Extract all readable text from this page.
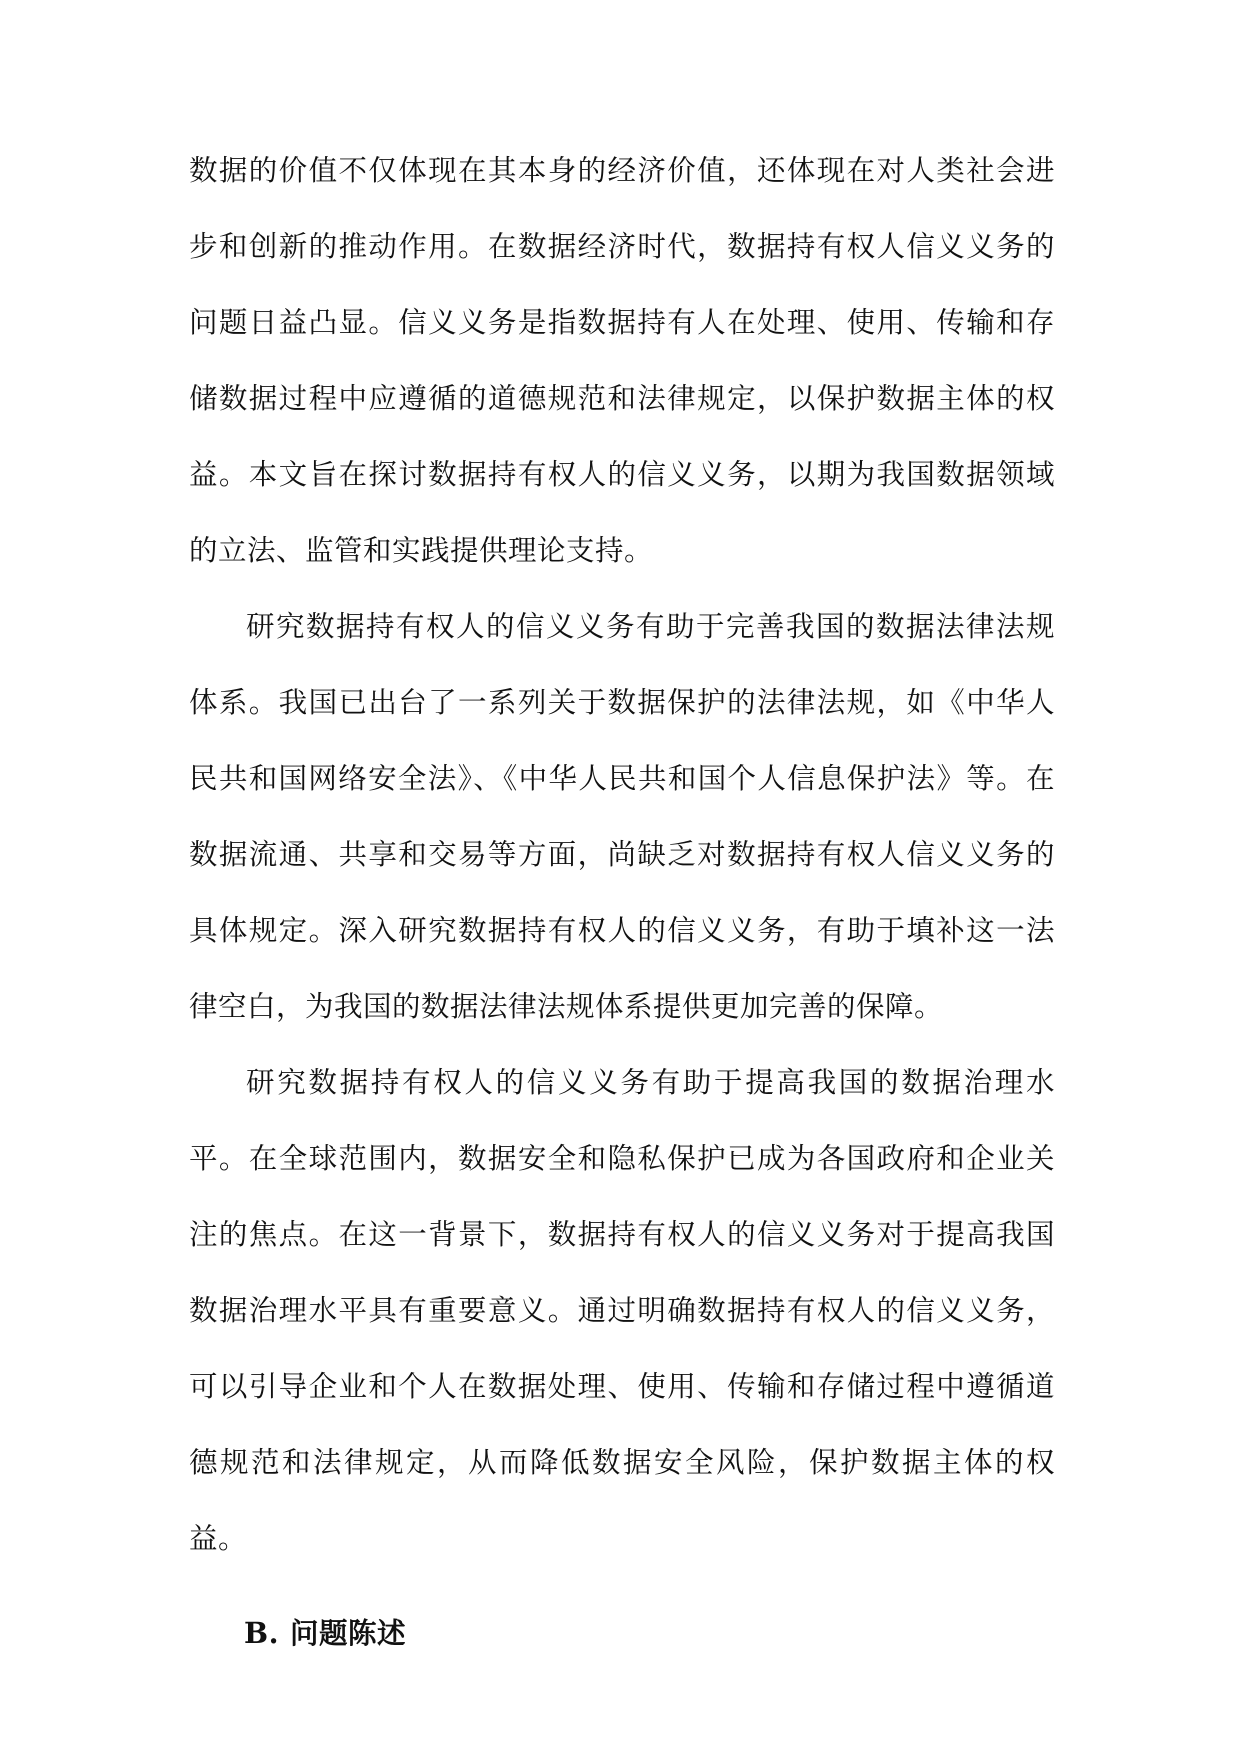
数据的价值不仅体现在其本身的经济价值，还体现在对人类社会进步和创新的推动作用。在数据经济时代，数据持有权人信义义务的问题日益凸显。信义义务是指数据持有人在处理、使用、传输和存储数据过程中应遵循的道德规范和法律规定，以保护数据主体的权益。本文旨在探讨数据持有权人的信义义务，以期为我国数据领域的立法、监管和实践提供理论支持。

研究数据持有权人的信义义务有助于完善我国的数据法律法规体系。我国已出台了一系列关于数据保护的法律法规，如《中华人民共和国网络安全法》、《中华人民共和国个人信息保护法》等。在数据流通、共享和交易等方面，尚缺乏对数据持有权人信义义务的具体规定。深入研究数据持有权人的信义义务，有助于填补这一法律空白，为我国的数据法律法规体系提供更加完善的保障。

研究数据持有权人的信义义务有助于提高我国的数据治理水平。在全球范围内，数据安全和隐私保护已成为各国政府和企业关注的焦点。在这一背景下，数据持有权人的信义义务对于提高我国数据治理水平具有重要意义。通过明确数据持有权人的信义义务，可以引导企业和个人在数据处理、使用、传输和存储过程中遵循道德规范和法律规定，从而降低数据安全风险，保护数据主体的权益。

B. 问题陈述
